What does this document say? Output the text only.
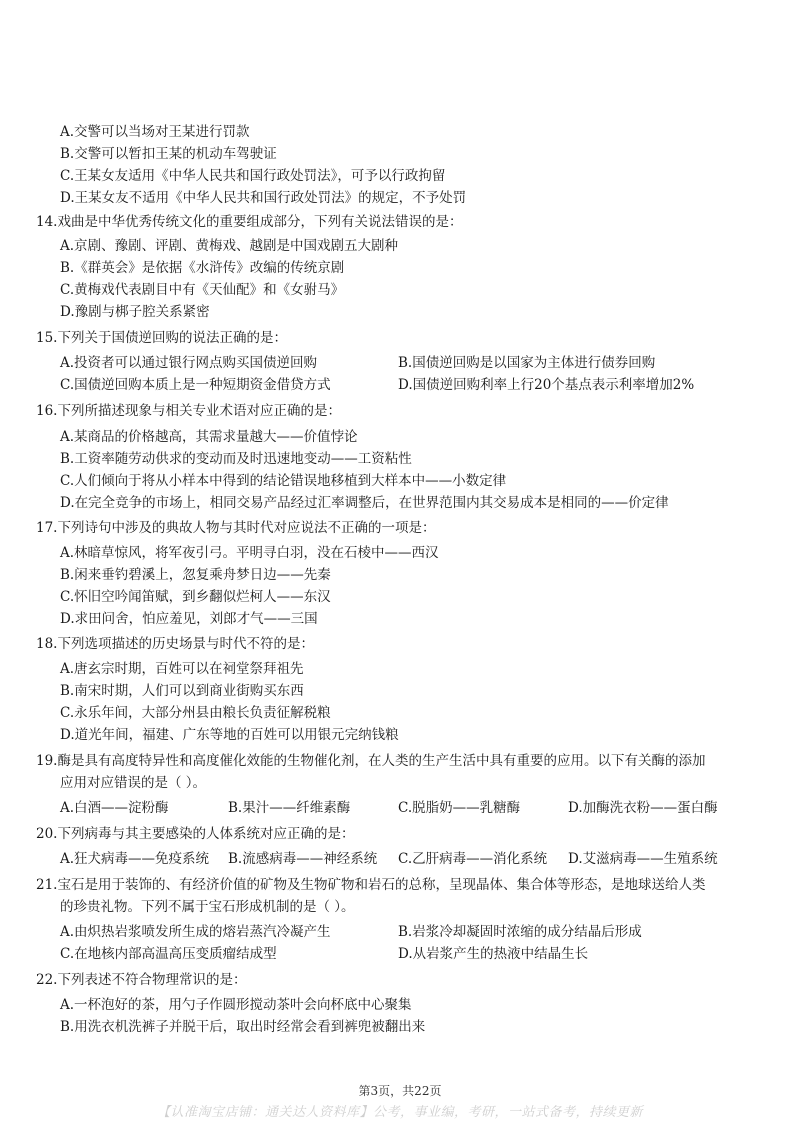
A.交警可以当场对王某进行罚款
B.交警可以暂扣王某的机动车驾驶证
C.王某女友适用《中华人民共和国行政处罚法》，可予以行政拘留
D.王某女友不适用《中华人民共和国行政处罚法》的规定，不予处罚
14.戏曲是中华优秀传统文化的重要组成部分，下列有关说法错误的是：
A.京剧、豫剧、评剧、黄梅戏、越剧是中国戏剧五大剧种
B.《群英会》是依据《水浒传》改编的传统京剧
C.黄梅戏代表剧目中有《天仙配》和《女驸马》
D.豫剧与梆子腔关系紧密
15.下列关于国债逆回购的说法正确的是：
A.投资者可以通过银行网点购买国债逆回购	B.国债逆回购是以国家为主体进行债券回购
C.国债逆回购本质上是一种短期资金借贷方式	D.国债逆回购利率上行20个基点表示利率增加2%
16.下列所描述现象与相关专业术语对应正确的是：
A.某商品的价格越高，其需求量越大——价值悖论
B.工资率随劳动供求的变动而及时迅速地变动——工资粘性
C.人们倾向于将从小样本中得到的结论错误地移植到大样本中——小数定律
D.在完全竞争的市场上，相同交易产品经过汇率调整后，在世界范围内其交易成本是相同的——价定律
17.下列诗句中涉及的典故人物与其时代对应说法不正确的一项是：
A.林暗草惊风，将军夜引弓。平明寻白羽，没在石棱中——西汉
B.闲来垂钓碧溪上，忽复乘舟梦日边——先秦
C.怀旧空吟闻笛赋，到乡翻似烂柯人——东汉
D.求田问舍，怕应羞见，刘郎才气——三国
18.下列选项描述的历史场景与时代不符的是：
A.唐玄宗时期，百姓可以在祠堂祭拜祖先
B.南宋时期，人们可以到商业街购买东西
C.永乐年间，大部分州县由粮长负责征解税粮
D.道光年间，福建、广东等地的百姓可以用银元完纳钱粮
19.酶是具有高度特异性和高度催化效能的生物催化剂，在人类的生产生活中具有重要的应用。以下有关酶的添加
应用对应错误的是（ ）。
A.白酒——淀粉酶	B.果汁——纤维素酶	C.脱脂奶——乳糖酶	D.加酶洗衣粉——蛋白酶
20.下列病毒与其主要感染的人体系统对应正确的是：
A.狂犬病毒——免疫系统 B.流感病毒——神经系统 C.乙肝病毒——消化系统 D.艾滋病毒——生殖系统
21.宝石是用于装饰的、有经济价值的矿物及生物矿物和岩石的总称，呈现晶体、集合体等形态，是地球送给人类
的珍贵礼物。下列不属于宝石形成机制的是（ ）。
A.由炽热岩浆喷发所生成的熔岩蒸汽冷凝产生	B.岩浆冷却凝固时浓缩的成分结晶后形成
C.在地核内部高温高压变质瘤结成型	D.从岩浆产生的热液中结晶生长
22.下列表述不符合物理常识的是：
A.一杯泡好的茶，用勺子作圆形搅动茶叶会向杯底中心聚集
B.用洗衣机洗裤子并脱干后，取出时经常会看到裤兜被翻出来
第3页，共22页
【认准淘宝店铺：通关达人资料库】公考，事业编，考研，一站式备考，持续更新
